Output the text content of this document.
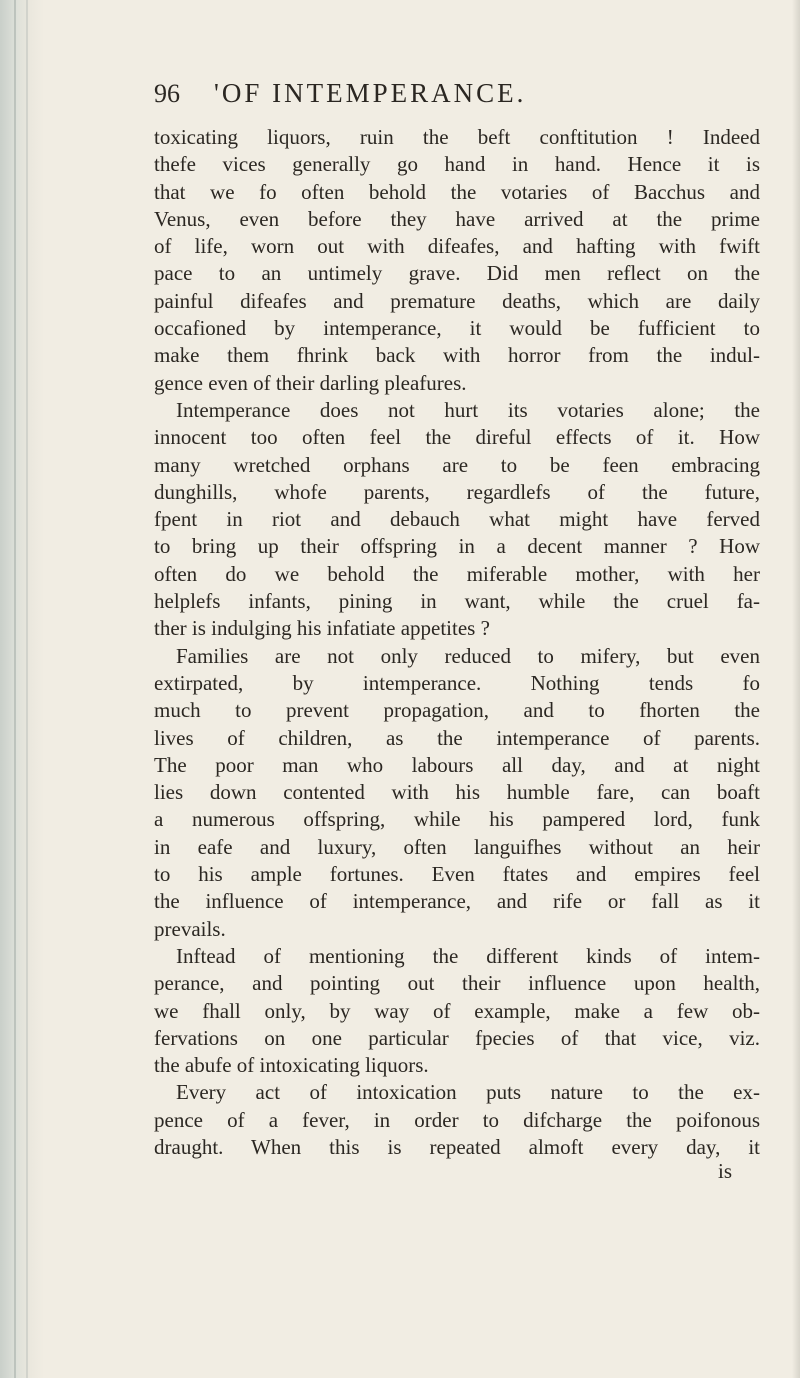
96 'OF INTEMPERANCE.
toxicating liquors, ruin the beft conftitution ! Indeed
thefe vices generally go hand in hand. Hence it is
that we fo often behold the votaries of Bacchus and
Venus, even before they have arrived at the prime
of life, worn out with difeafes, and hafting with fwift
pace to an untimely grave. Did men reflect on the
painful difeafes and premature deaths, which are daily
occafioned by intemperance, it would be fufficient to
make them fhrink back with horror from the indul-
gence even of their darling pleafures.
Intemperance does not hurt its votaries alone; the
innocent too often feel the direful effects of it. How
many wretched orphans are to be feen embracing
dunghills, whofe parents, regardlefs of the future,
fpent in riot and debauch what might have ferved
to bring up their offspring in a decent manner ? How
often do we behold the miferable mother, with her
helplefs infants, pining in want, while the cruel fa-
ther is indulging his infatiate appetites ?
Families are not only reduced to mifery, but even
extirpated, by intemperance. Nothing tends fo
much to prevent propagation, and to fhorten the
lives of children, as the intemperance of parents.
The poor man who labours all day, and at night
lies down contented with his humble fare, can boaft
a numerous offspring, while his pampered lord, funk
in eafe and luxury, often languifhes without an heir
to his ample fortunes. Even ftates and empires feel
the influence of intemperance, and rife or fall as it
prevails.
Inftead of mentioning the different kinds of intem-
perance, and pointing out their influence upon health,
we fhall only, by way of example, make a few ob-
fervations on one particular fpecies of that vice, viz.
the abufe of intoxicating liquors.
Every act of intoxication puts nature to the ex-
pence of a fever, in order to difcharge the poifonous
draught. When this is repeated almoft every day, it
is
